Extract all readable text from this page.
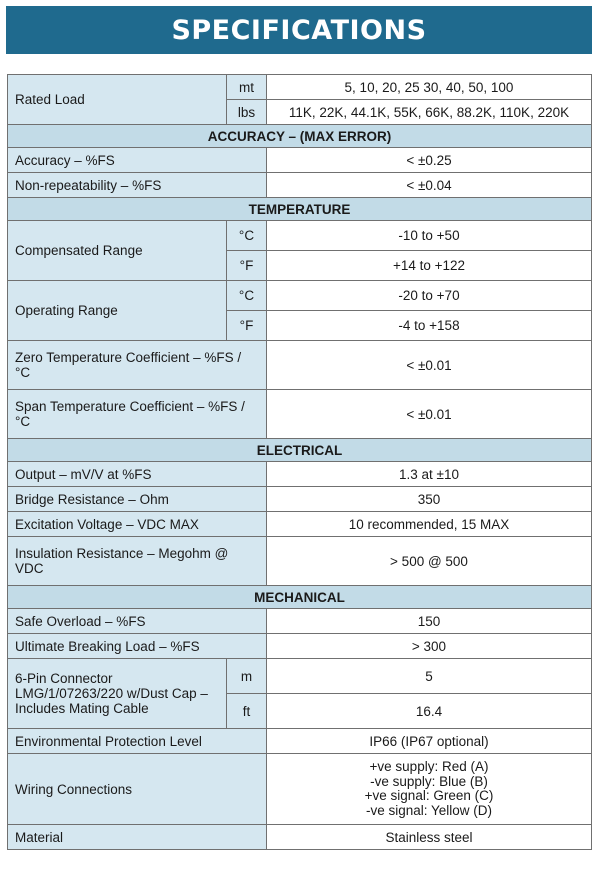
SPECIFICATIONS
Rated Load	mt	5, 10, 20, 25 30, 40, 50, 100
	lbs	11K, 22K, 44.1K, 55K, 66K, 88.2K, 110K, 220K
ACCURACY – (MAX ERROR)		
Accuracy – %FS		< ±0.25
Non-repeatability – %FS		< ±0.04
TEMPERATURE		
Compensated Range	°C	-10 to +50
	°F	+14 to +122
Operating Range	°C	-20 to +70
	°F	-4 to +158
Zero Temperature Coefficient – %FS / °C		< ±0.01
Span Temperature Coefficient – %FS / °C		< ±0.01
ELECTRICAL		
Output – mV/V at %FS		1.3 at ±10
Bridge Resistance – Ohm		350
Excitation Voltage – VDC MAX		10 recommended, 15 MAX
Insulation Resistance – Megohm @ VDC		> 500 @ 500
MECHANICAL		
Safe Overload – %FS		150
Ultimate Breaking Load – %FS		> 300
6-Pin Connector LMG/1/07263/220 w/Dust Cap – Includes Mating Cable	m	5
	ft	16.4
Environmental Protection Level		IP66 (IP67 optional)
Wiring Connections		+ve supply: Red (A)
-ve supply: Blue (B)
+ve signal: Green (C)
-ve signal: Yellow (D)

Material		Stainless steel
